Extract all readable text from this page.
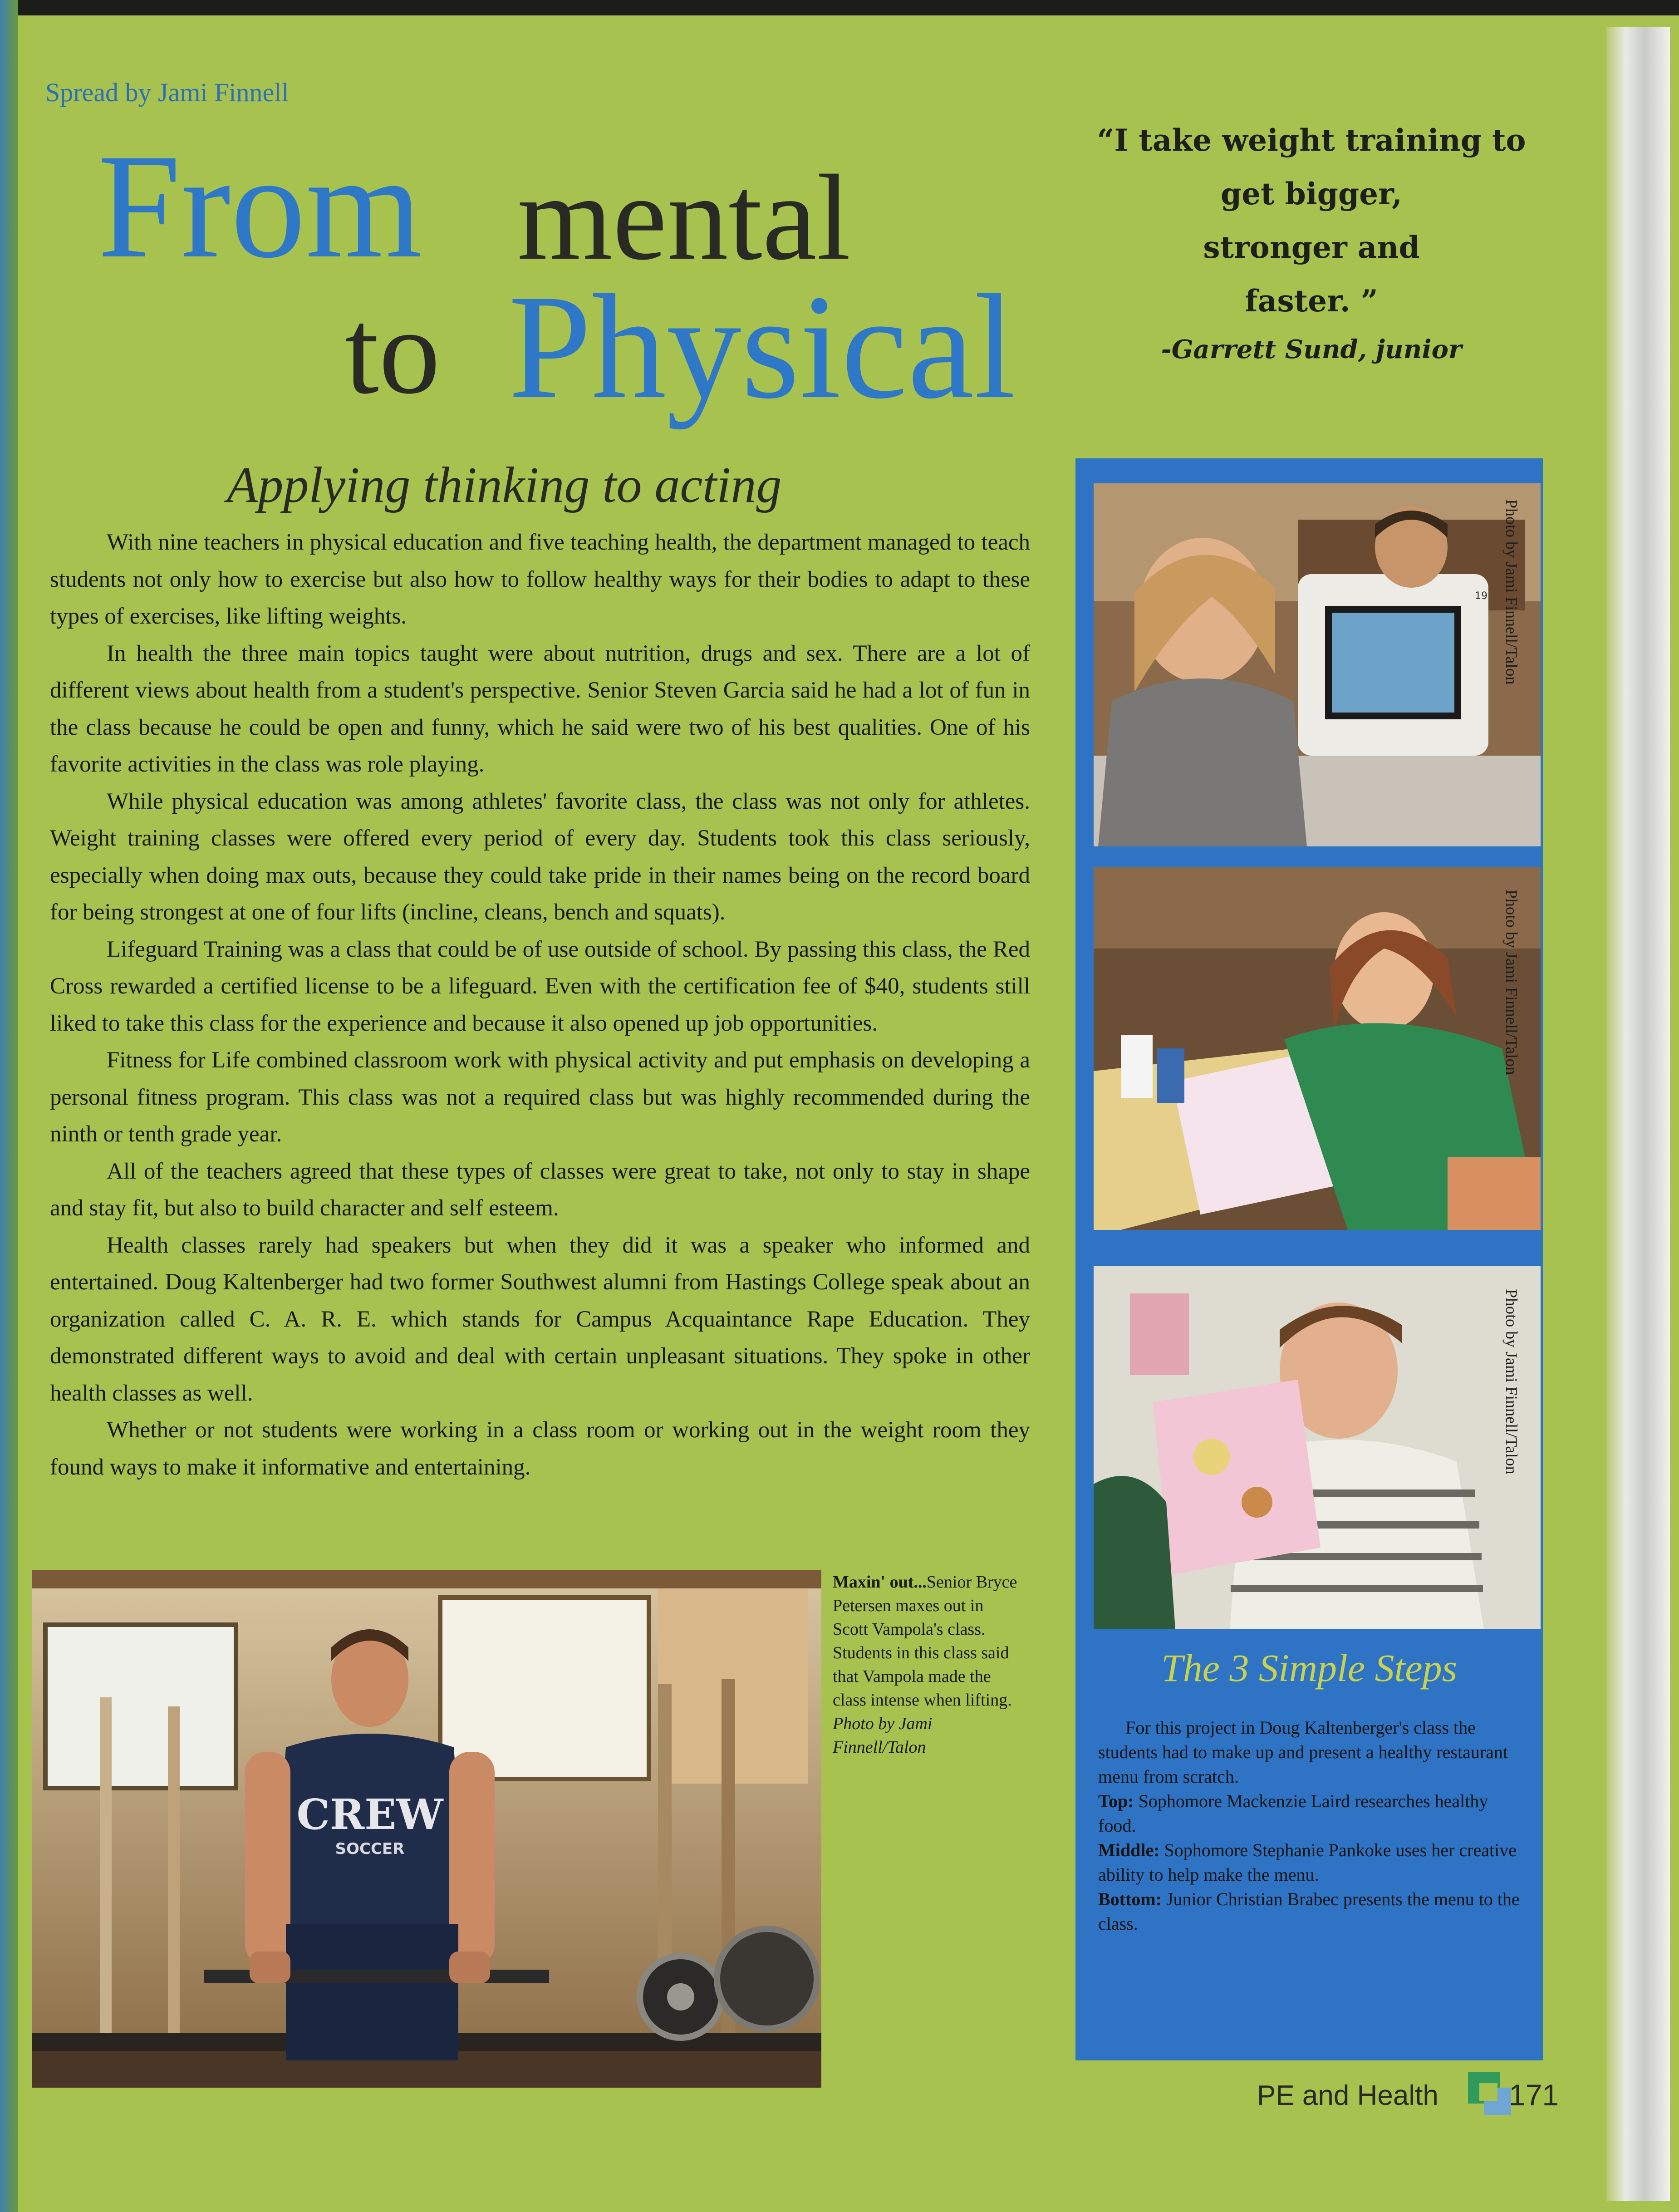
Spread by Jami Finnell
From mental
to Physical
“I take weight training to
get bigger,
stronger and
faster. ”
-Garrett Sund, junior
Applying thinking to acting

With nine teachers in physical education and five teaching health, the department managed to teach students not only how to exercise but also how to follow healthy ways for their bodies to adapt to these types of exercises, like lifting weights.

In health the three main topics taught were about nutrition, drugs and sex. There are a lot of different views about health from a student's perspective. Senior Steven Garcia said he had a lot of fun in the class because he could be open and funny, which he said were two of his best qualities. One of his favorite activities in the class was role playing.

While physical education was among athletes' favorite class, the class was not only for athletes. Weight training classes were offered every period of every day. Students took this class seriously, especially when doing max outs, because they could take pride in their names being on the record board for being strongest at one of four lifts (incline, cleans, bench and squats).

Lifeguard Training was a class that could be of use outside of school. By passing this class, the Red Cross rewarded a certified license to be a lifeguard. Even with the certification fee of $40, students still liked to take this class for the experience and because it also opened up job opportunities.

Fitness for Life combined classroom work with physical activity and put emphasis on developing a personal fitness program. This class was not a required class but was highly recommended during the ninth or tenth grade year.

All of the teachers agreed that these types of classes were great to take, not only to stay in shape and stay fit, but also to build character and self esteem.

Health classes rarely had speakers but when they did it was a speaker who informed and entertained. Doug Kaltenberger had two former Southwest alumni from Hastings College speak about an organization called C. A. R. E. which stands for Campus Acquaintance Rape Education. They demonstrated different ways to avoid and deal with certain unpleasant situations. They spoke in other health classes as well.

Whether or not students were working in a class room or working out in the weight room they found ways to make it informative and entertaining.

CREW
SOCCER
Maxin' out...Senior Bryce Petersen maxes out in Scott Vampola's class. Students in this class said that Vampola made the class intense when lifting. Photo by Jami Finnell/Talon
19 Photo by Jami Finnell/Talon
Photo by Jami Finnell/Talon
Photo by Jami Finnell/Talon
The 3 Simple Steps

For this project in Doug Kaltenberger's class the students had to make up and present a healthy restaurant menu from scratch.

Top: Sophomore Mackenzie Laird researches healthy food.

Middle: Sophomore Stephanie Pankoke uses her creative ability to help make the menu.

Bottom: Junior Christian Brabec presents the menu to the class.

PE and Health 171
